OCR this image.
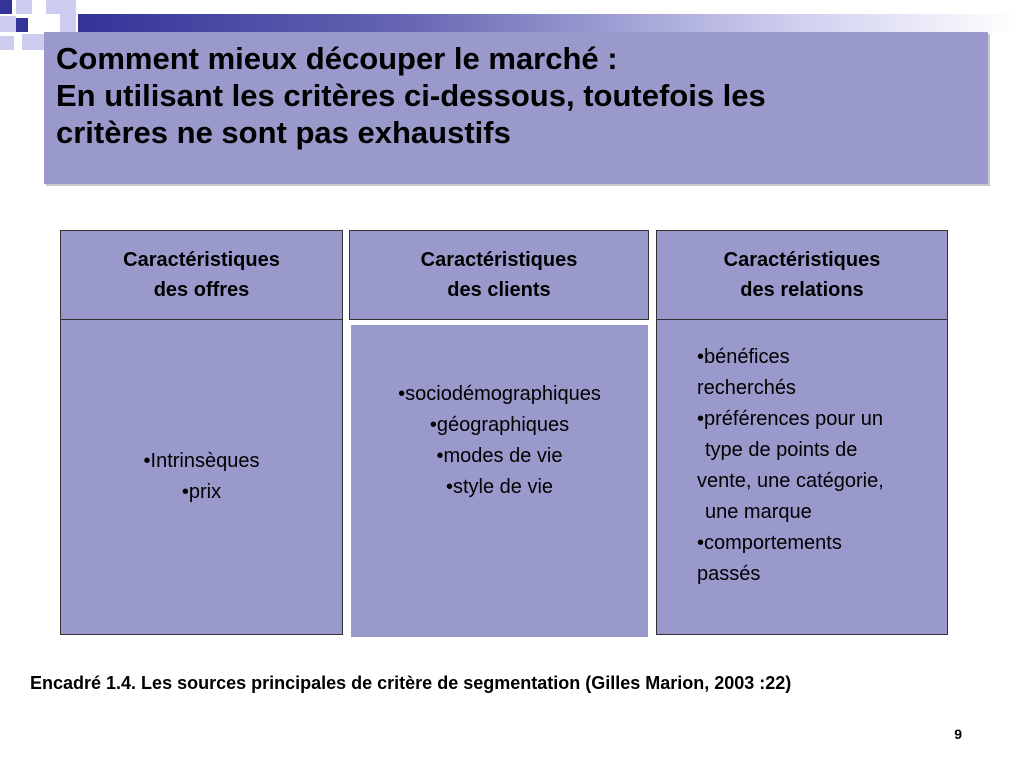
Comment mieux découper le marché :
En utilisant les critères ci-dessous, toutefois les
critères ne sont pas exhaustifs
Caractéristiques
des offres
•Intrinsèques
•prix
Caractéristiques
des clients
•sociodémographiques
•géographiques
•modes de vie
•style de vie
Caractéristiques
des relations
•bénéfices
recherchés
•préférences pour un
type de points de
vente, une catégorie,
une marque
•comportements
passés
Encadré 1.4. Les sources principales de critère de segmentation (Gilles Marion, 2003 :22)
9
